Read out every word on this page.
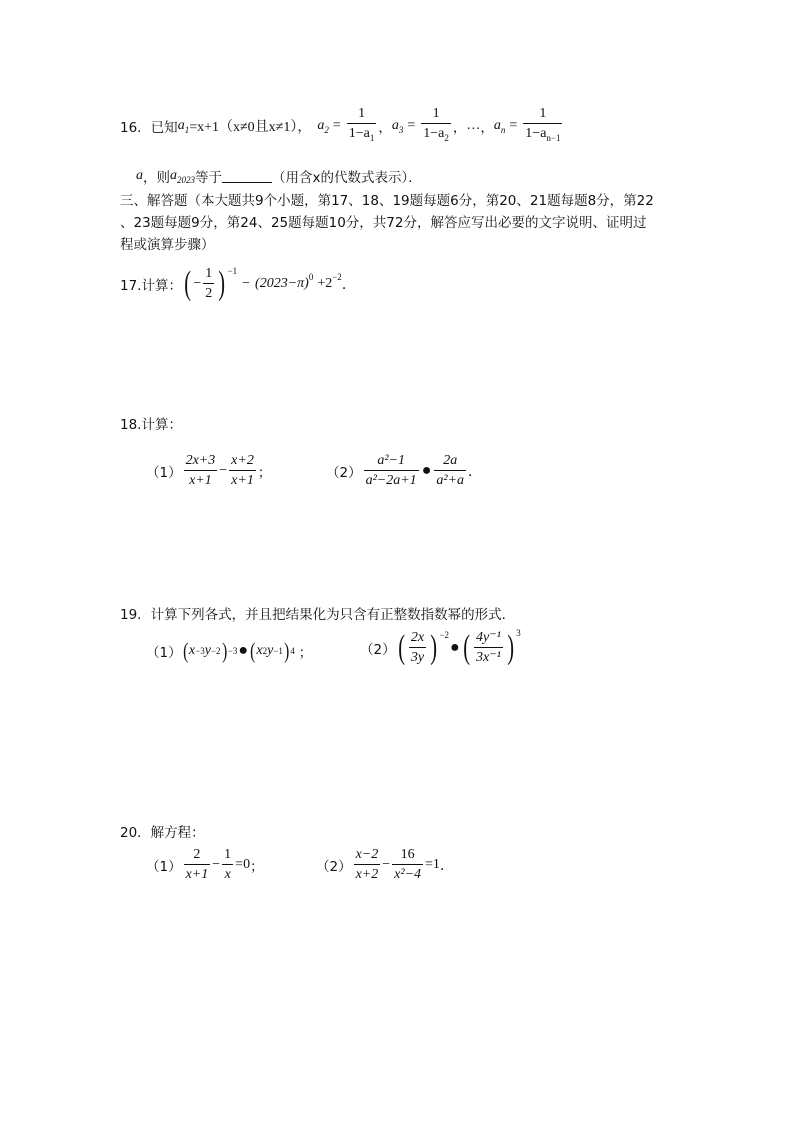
16． 已知 $a_1 =x+1(x\ne 0$且x≠1）， $a_2 = \frac{1}{1-a_1}$ ， $a_3 = \frac{1}{1-a_2}$ ， … ， $a_n = \frac{1}{1-a_{n-1}}$
a ，则 $a_{2023}$ 等于	（用含x的代数式表示）．
三、解答题（本大题共9个小题，第17、18、19题每题6分，第20、21题每题8分，第22
、23题每题9分，第24、25题每题10分，共72分，解答应写出必要的文字说明、证明过
程或演算步骤）
17.计算： ( − $\frac{1}{2}$ ) −1
− (2023−π) 0 +2 −2
．
18.计算：
$(1) \frac{2x+3}{x+1} - \frac{x+2}{x+1}$ ；	$(2) \frac{\text{a²−1}}{\text{a²−2a+1}}$ ● $\frac{2a}{\text{a²+a}}$ ．
19．计算下列各式，并且把结果化为只含有正整数指数幂的形式．
（1） ( x −3 y −2 ) −3 ● ( x 2 y −1 ) 4 ；	（2） ( $\frac{2x}{3y}$ ) −2
● ( $\frac{\text{4y⁻¹}}{\text{3x⁻¹}}$ ) 3
20．解方程：
$(1) \frac{2}{x+1} - \frac{1}{x} =0$ ；	$(2) \frac{x-2}{x+2} - \frac{16}{\text{x²−4}} =1$ ．
